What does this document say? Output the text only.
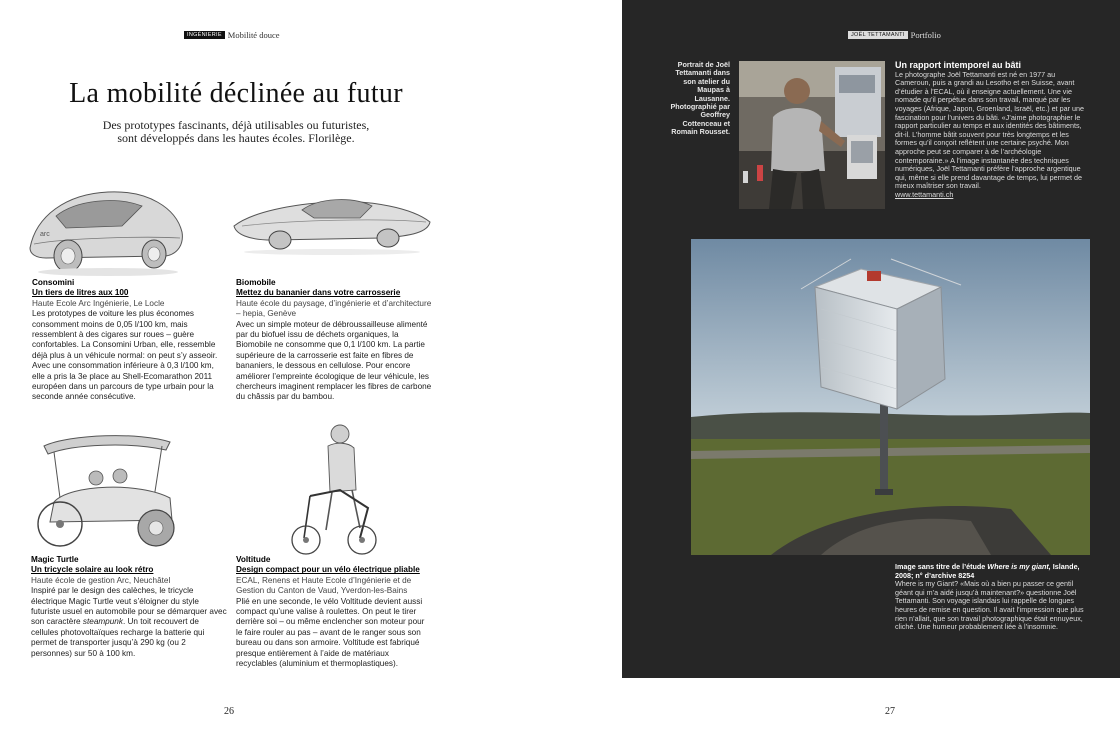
INGÉNIERIE Mobilité douce
La mobilité déclinée au futur
Des prototypes fascinants, déjà utilisables ou futuristes,
sont développés dans les hautes écoles. Florilège.
arc

Consomini

Un tiers de litres aux 100

Haute Ecole Arc Ingénierie, Le Locle

Les prototypes de voiture les plus économes consomment moins de 0,05 l/100 km, mais ressemblent à des cigares sur roues – guère confortables. La Consomini Urban, elle, ressemble déjà plus à un véhicule normal: on peut s’y asseoir. Avec une consommation inférieure à 0,3 l/100 km, elle a pris la 3e place au Shell-Ecomarathon 2011 européen dans un parcours de type urbain pour la seconde année consécutive.

Biomobile

Mettez du bananier dans votre carrosserie

Haute école du paysage, d’ingénierie et d’architecture – hepia, Genève

Avec un simple moteur de débroussailleuse alimenté par du biofuel issu de déchets organiques, la Biomobile ne consomme que 0,1 l/100 km. La partie supérieure de la carrosserie est faite en fibres de bananiers, le dessous en cellulose. Pour encore améliorer l’empreinte écologique de leur véhicule, les chercheurs imaginent remplacer les fibres de carbone du châssis par du bambou.

Magic Turtle

Un tricycle solaire au look rétro

Haute école de gestion Arc, Neuchâtel

Inspiré par le design des calèches, le tricycle électrique Magic Turtle veut s’éloigner du style futuriste usuel en automobile pour se démarquer avec son caractère steampunk. Un toit recouvert de cellules photovoltaïques recharge la batterie qui permet de transporter jusqu’à 290 kg (ou 2 personnes) sur 50 à 100 km.

Voltitude

Design compact pour un vélo électrique pliable

ECAL, Renens et Haute Ecole d’Ingénierie et de Gestion du Canton de Vaud, Yverdon-les-Bains

Plié en une seconde, le vélo Voltitude devient aussi compact qu’une valise à roulettes. On peut le tirer derrière soi – ou même enclencher son moteur pour le faire rouler au pas – avant de le ranger sous son bureau ou dans son armoire. Voltitude est fabriqué presque entièrement à l’aide de matériaux recyclables (aluminium et thermoplastiques).

26
JOËL TETTAMANTI Portfolio
Portrait de Joël Tettamanti dans son atelier du Maupas à Lausanne. Photographié par Geoffrey Cottenceau et Romain Rousset.
Un rapport intemporel au bâti
Le photographe Joël Tettamanti est né en 1977 au Cameroun, puis a grandi au Lesotho et en Suisse, avant d’étudier à l’ECAL, où il enseigne actuellement. Une vie nomade qu’il perpétue dans son travail, marqué par les voyages (Afrique, Japon, Groenland, Israël, etc.) et par une fascination pour l’univers du bâti. «J’aime photographier le rapport particulier au temps et aux identités des bâtiments, dit-il. L’homme bâtit souvent pour très longtemps et les formes qu’il conçoit reflètent une certaine psyché. Mon approche peut se comparer à de l’archéologie contemporaine.» A l’image instantanée des techniques numériques, Joël Tettamanti préfère l’approche argentique qui, même si elle prend davantage de temps, lui permet de mieux maîtriser son travail.
www.tettamanti.ch
Image sans titre de l’étude Where is my giant, Islande, 2008; n° d’archive 8254
Where is my Giant? «Mais où a bien pu passer ce gentil géant qui m’a aidé jusqu’à maintenant?» questionne Joël Tettamanti. Son voyage islandais lui rappelle de longues heures de remise en question. Il avait l’impression que plus rien n’allait, que son travail photographique était ennuyeux, cliché. Une humeur probablement liée à l’insomnie.
27
